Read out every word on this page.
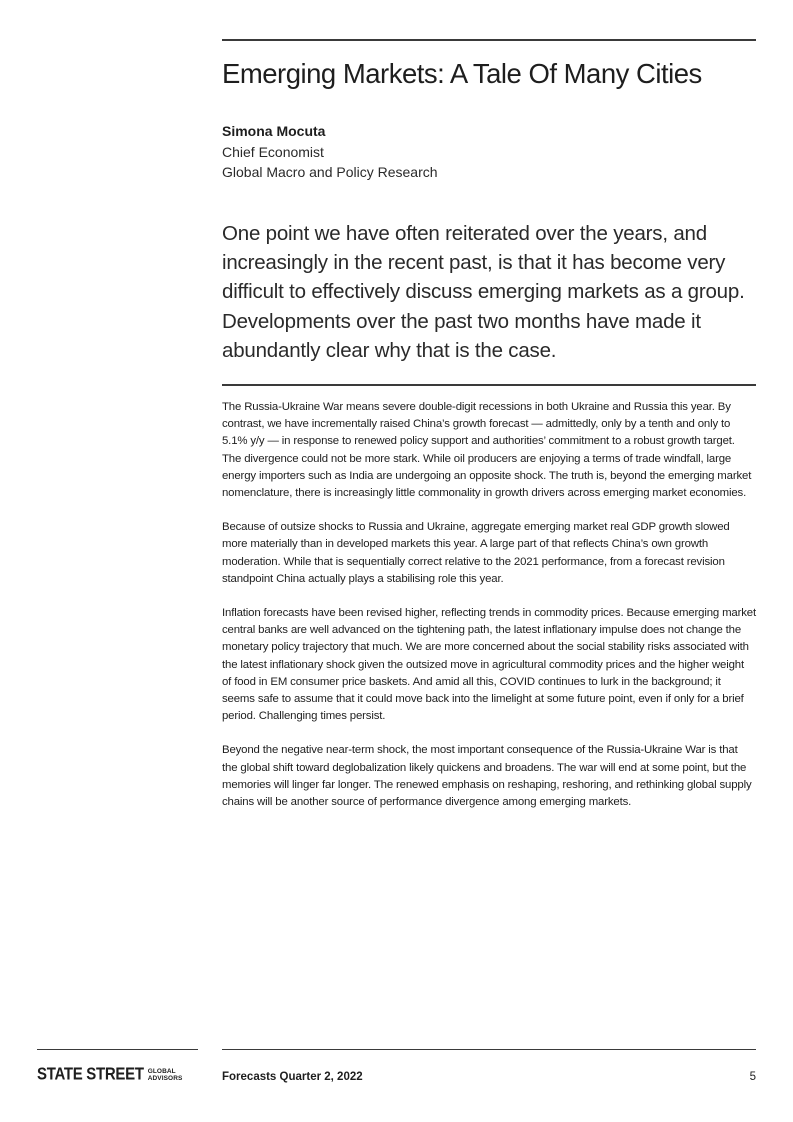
Emerging Markets: A Tale Of Many Cities
Simona Mocuta
Chief Economist
Global Macro and Policy Research

One point we have often reiterated over the years, and increasingly in the recent past, is that it has become very difficult to effectively discuss emerging markets as a group. Developments over the past two months have made it abundantly clear why that is the case.

The Russia-Ukraine War means severe double-digit recessions in both Ukraine and Russia this year. By contrast, we have incrementally raised China’s growth forecast — admittedly, only by a tenth and only to 5.1% y/y — in response to renewed policy support and authorities’ commitment to a robust growth target. The divergence could not be more stark. While oil producers are enjoying a terms of trade windfall, large energy importers such as India are undergoing an opposite shock. The truth is, beyond the emerging market nomenclature, there is increasingly little commonality in growth drivers across emerging market economies.

Because of outsize shocks to Russia and Ukraine, aggregate emerging market real GDP growth slowed more materially than in developed markets this year. A large part of that reflects China’s own growth moderation. While that is sequentially correct relative to the 2021 performance, from a forecast revision standpoint China actually plays a stabilising role this year.

Inflation forecasts have been revised higher, reflecting trends in commodity prices. Because emerging market central banks are well advanced on the tightening path, the latest inflationary impulse does not change the monetary policy trajectory that much. We are more concerned about the social stability risks associated with the latest inflationary shock given the outsized move in agricultural commodity prices and the higher weight of food in EM consumer price baskets. And amid all this, COVID continues to lurk in the background; it seems safe to assume that it could move back into the limelight at some future point, even if only for a brief period. Challenging times persist.

Beyond the negative near-term shock, the most important consequence of the Russia-Ukraine War is that the global shift toward deglobalization likely quickens and broadens. The war will end at some point, but the memories will linger far longer. The renewed emphasis on reshaping, reshoring, and rethinking global supply chains will be another source of performance divergence among emerging markets.

STATE STREET GLOBAL
ADVISORS	Forecasts Quarter 2, 2022	5
